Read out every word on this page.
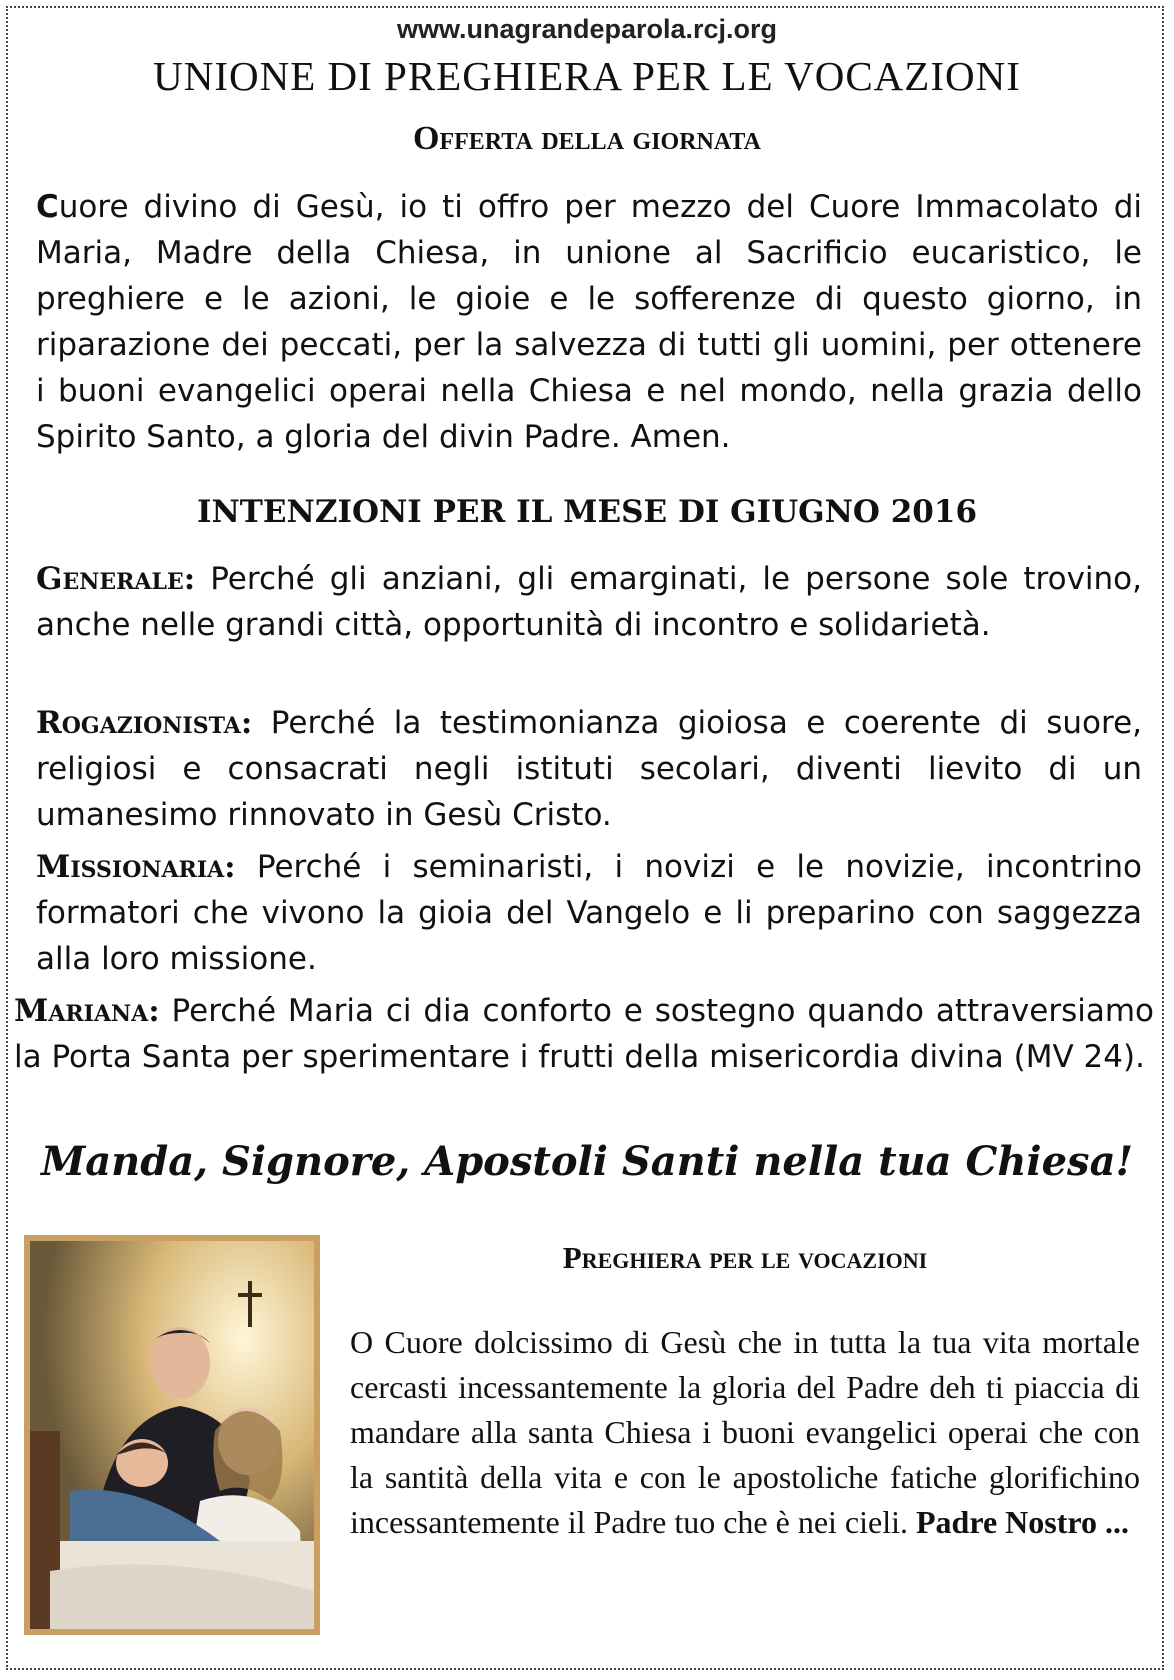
www.unagrandeparola.rcj.org
UNIONE DI PREGHIERA PER LE VOCAZIONI
Offerta della giornata
Cuore divino di Gesù, io ti offro per mezzo del Cuore Immacolato di Maria, Madre della Chiesa, in unione al Sacrificio eucaristico, le preghiere e le azioni, le gioie e le sofferenze di questo giorno, in riparazione dei peccati, per la salvezza di tutti gli uomini, per ottenere i buoni evangelici operai nella Chiesa e nel mondo, nella grazia dello Spirito Santo, a gloria del divin Padre. Amen.
INTENZIONI PER IL MESE DI GIUGNO 2016
Generale: Perché gli anziani, gli emarginati, le persone sole trovino, anche nelle grandi città, opportunità di incontro e solidarietà.
Rogazionista: Perché la testimonianza gioiosa e coerente di suore, religiosi e consacrati negli istituti secolari, diventi lievito di un umanesimo rinnovato in Gesù Cristo.
Missionaria: Perché i seminaristi, i novizi e le novizie, incontrino formatori che vivono la gioia del Vangelo e li preparino con saggezza alla loro missione.
Mariana: Perché Maria ci dia conforto e sostegno quando attraversiamo la Porta Santa per sperimentare i frutti della misericordia divina (MV 24).
Manda, Signore, Apostoli Santi nella tua Chiesa!
Preghiera per le vocazioni
O Cuore dolcissimo di Gesù che in tutta la tua vita mortale cercasti incessantemente la gloria del Padre deh ti piaccia di mandare alla santa Chiesa i buoni evangelici operai che con la santità della vita e con le apostoliche fatiche glorifichino incessantemente il Padre tuo che è nei cieli. Padre Nostro ...
